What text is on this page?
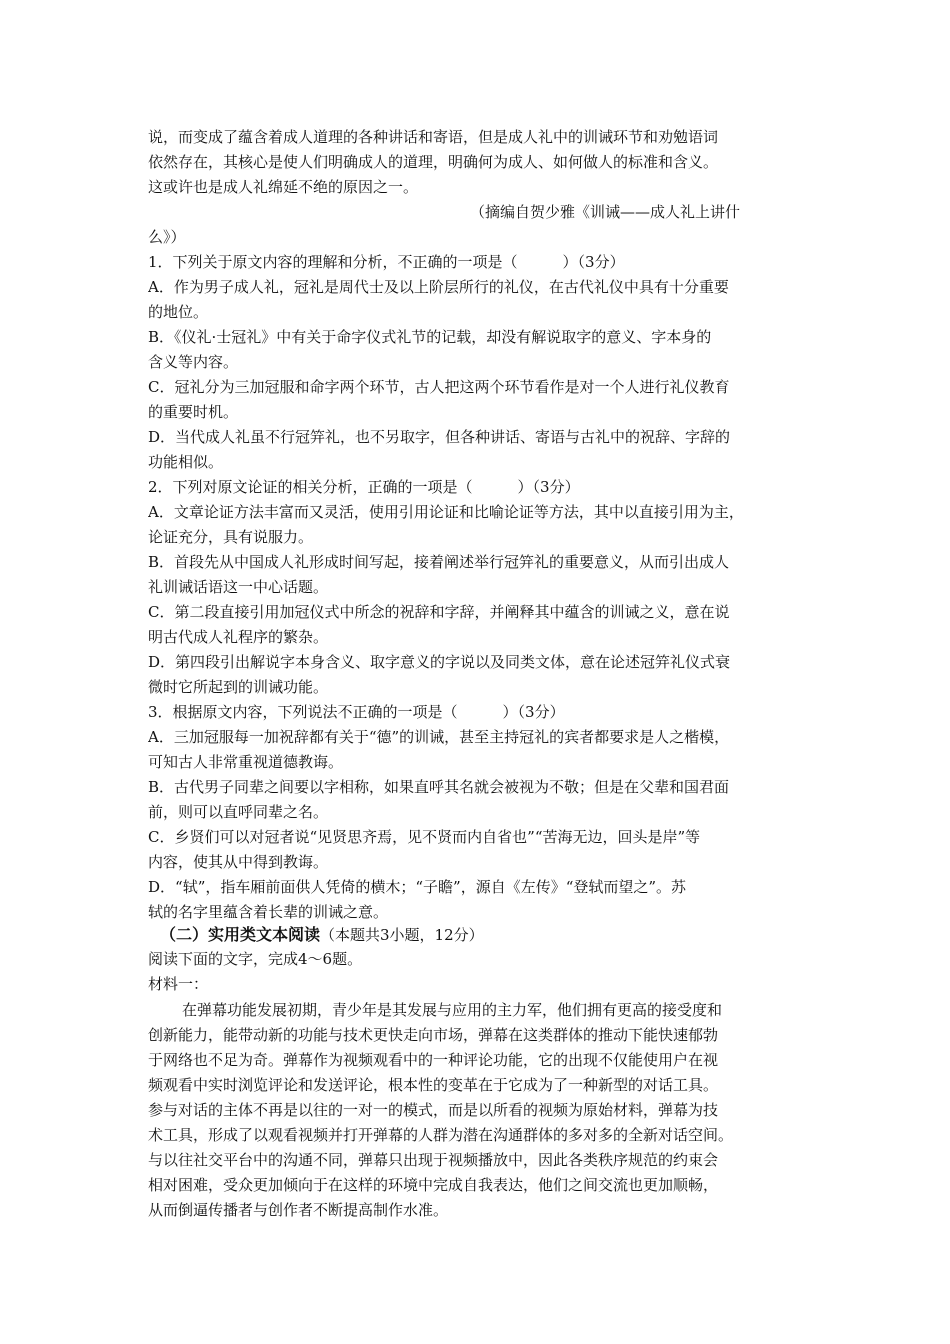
说，而变成了蕴含着成人道理的各种讲话和寄语，但是成人礼中的训诫环节和劝勉语词
依然存在，其核心是使人们明确成人的道理，明确何为成人、如何做人的标准和含义。
这或许也是成人礼绵延不绝的原因之一。
（摘编自贺少雅《训诫——成人礼上讲什
么》）
1．下列关于原文内容的理解和分析，不正确的一项是（　　　）（3分）
A．作为男子成人礼，冠礼是周代士及以上阶层所行的礼仪，在古代礼仪中具有十分重要
的地位。
B．《仪礼·士冠礼》中有关于命字仪式礼节的记载，却没有解说取字的意义、字本身的
含义等内容。
C．冠礼分为三加冠服和命字两个环节，古人把这两个环节看作是对一个人进行礼仪教育
的重要时机。
D．当代成人礼虽不行冠笄礼，也不另取字，但各种讲话、寄语与古礼中的祝辞、字辞的
功能相似。
2．下列对原文论证的相关分析，正确的一项是（　　　）（3分）
A．文章论证方法丰富而又灵活，使用引用论证和比喻论证等方法，其中以直接引用为主，
论证充分，具有说服力。
B．首段先从中国成人礼形成时间写起，接着阐述举行冠笄礼的重要意义，从而引出成人
礼训诫话语这一中心话题。
C．第二段直接引用加冠仪式中所念的祝辞和字辞，并阐释其中蕴含的训诫之义，意在说
明古代成人礼程序的繁杂。
D．第四段引出解说字本身含义、取字意义的字说以及同类文体，意在论述冠笄礼仪式衰
微时它所起到的训诫功能。
3．根据原文内容，下列说法不正确的一项是（　　　）（3分）
A．三加冠服每一加祝辞都有关于“德”的训诫，甚至主持冠礼的宾者都要求是人之楷模，
可知古人非常重视道德教诲。
B．古代男子同辈之间要以字相称，如果直呼其名就会被视为不敬；但是在父辈和国君面
前，则可以直呼同辈之名。
C．乡贤们可以对冠者说“见贤思齐焉，见不贤而内自省也”“苦海无边，回头是岸”等
内容，使其从中得到教诲。
D．“轼”，指车厢前面供人凭倚的横木；“子瞻”，源自《左传》“登轼而望之”。苏
轼的名字里蕴含着长辈的训诫之意。
（二）实用类文本阅读（本题共3小题，12分）
阅读下面的文字，完成4～6题。
材料一：
在弹幕功能发展初期，青少年是其发展与应用的主力军，他们拥有更高的接受度和
创新能力，能带动新的功能与技术更快走向市场，弹幕在这类群体的推动下能快速郁勃
于网络也不足为奇。弹幕作为视频观看中的一种评论功能，它的出现不仅能使用户在视
频观看中实时浏览评论和发送评论，根本性的变革在于它成为了一种新型的对话工具。
参与对话的主体不再是以往的一对一的模式，而是以所看的视频为原始材料，弹幕为技
术工具，形成了以观看视频并打开弹幕的人群为潜在沟通群体的多对多的全新对话空间。
与以往社交平台中的沟通不同，弹幕只出现于视频播放中，因此各类秩序规范的约束会
相对困难，受众更加倾向于在这样的环境中完成自我表达，他们之间交流也更加顺畅，
从而倒逼传播者与创作者不断提高制作水准。
